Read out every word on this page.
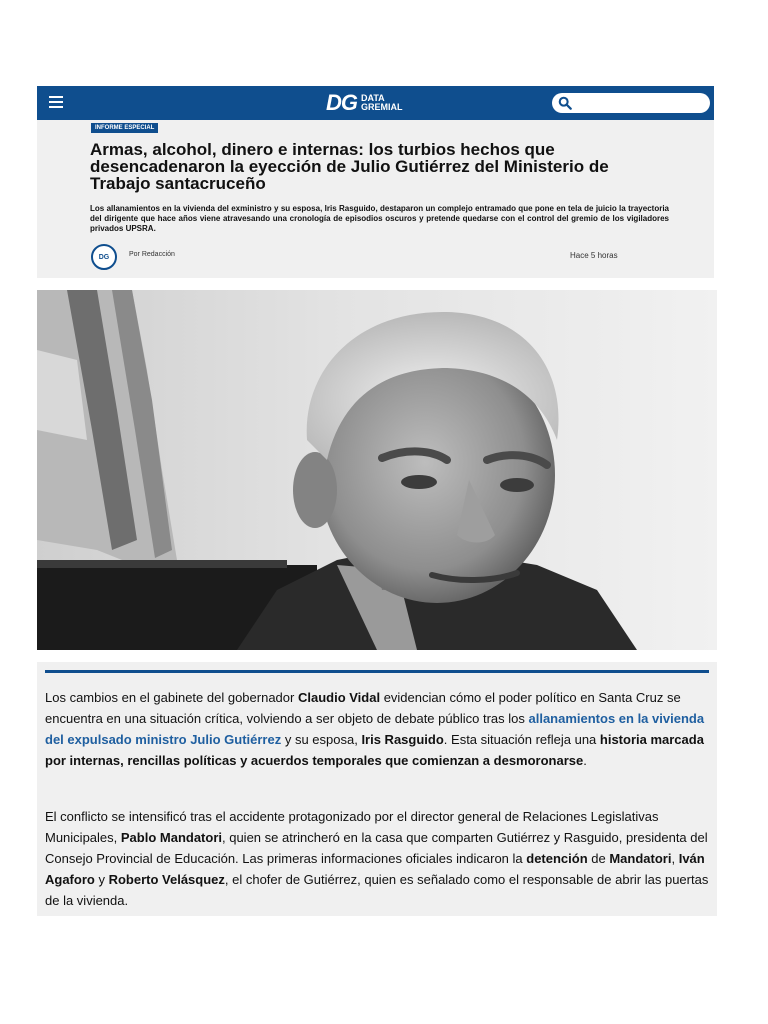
DG DATA
GREMIAL
INFORME ESPECIAL
Armas, alcohol, dinero e internas: los turbios hechos que desencadenaron la eyección de Julio Gutiérrez del Ministerio de Trabajo santacruceño

Los allanamientos en la vivienda del exministro y su esposa, Iris Rasguido, destaparon un complejo entramado que pone en tela de juicio la trayectoria del dirigente que hace años viene atravesando una cronología de episodios oscuros y pretende quedarse con el control del gremio de los vigiladores privados UPSRA.

DG	Por Redacción	Hace 5 horas

Los cambios en el gabinete del gobernador Claudio Vidal evidencian cómo el poder político en Santa Cruz se encuentra en una situación crítica, volviendo a ser objeto de debate público tras los allanamientos en la vivienda del expulsado ministro Julio Gutiérrez y su esposa, Iris Rasguido. Esta situación refleja una historia marcada por internas, rencillas políticas y acuerdos temporales que comienzan a desmoronarse.

El conflicto se intensificó tras el accidente protagonizado por el director general de Relaciones Legislativas Municipales, Pablo Mandatori, quien se atrincheró en la casa que comparten Gutiérrez y Rasguido, presidenta del Consejo Provincial de Educación. Las primeras informaciones oficiales indicaron la detención de Mandatori, Iván Agaforo y Roberto Velásquez, el chofer de Gutiérrez, quien es señalado como el responsable de abrir las puertas de la vivienda.
